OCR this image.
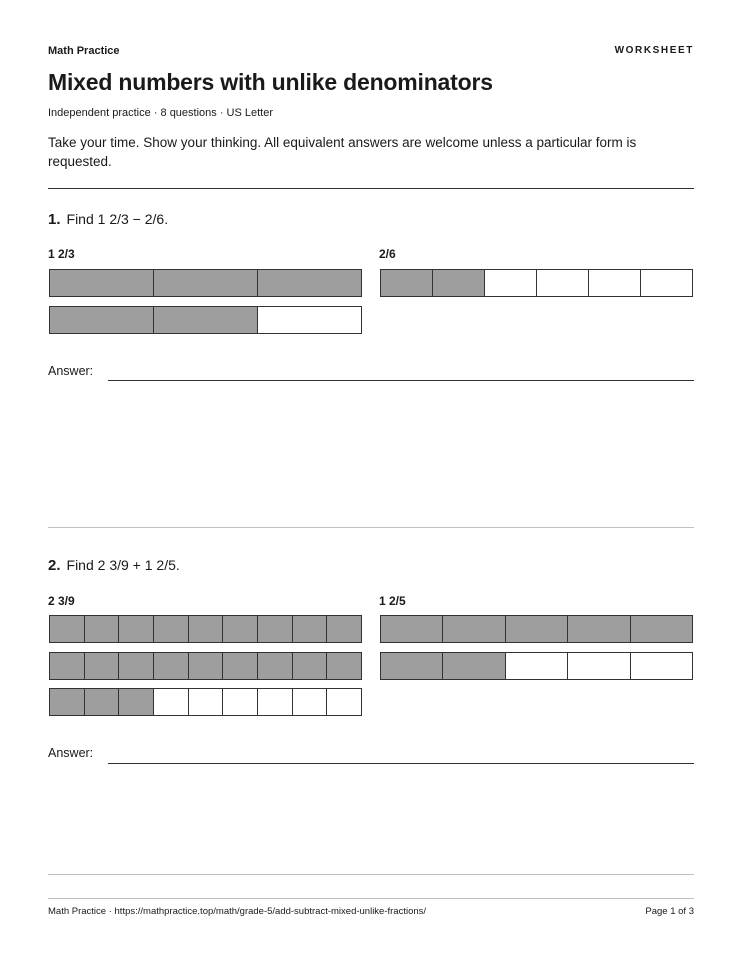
Math Practice	WORKSHEET
Mixed numbers with unlike denominators
Independent practice · 8 questions · US Letter
Take your time. Show your thinking. All equivalent answers are welcome unless a particular form is requested.
1. Find 1 2/3 − 2/6.
1 2/3	2/6
Answer:
2. Find 2 3/9 + 1 2/5.
2 3/9	1 2/5
Answer:
Math Practice · https://mathpractice.top/math/grade-5/add-subtract-mixed-unlike-fractions/	Page 1 of 3
